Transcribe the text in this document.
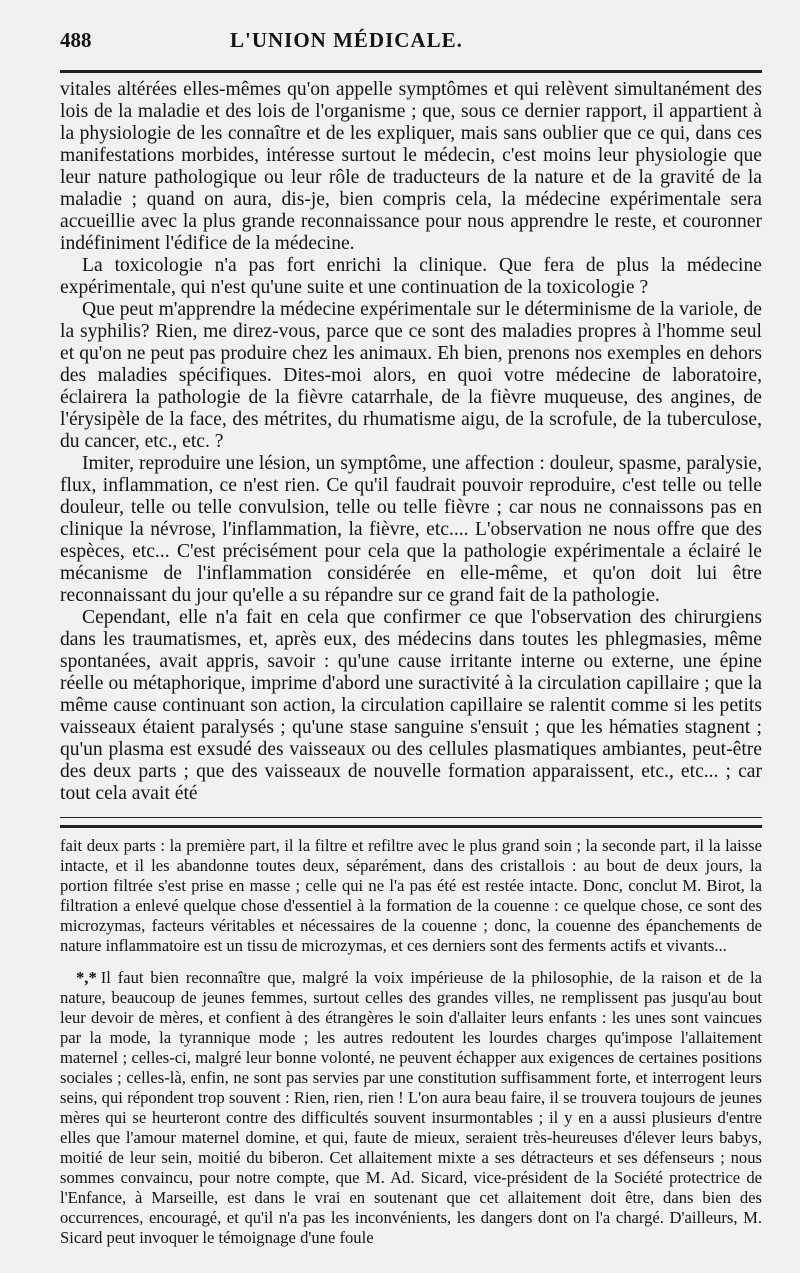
488	L'UNION MÉDICALE.

vitales altérées elles-mêmes qu'on appelle symptômes et qui relèvent simultanément des lois de la maladie et des lois de l'organisme ; que, sous ce dernier rapport, il appartient à la physiologie de les connaître et de les expliquer, mais sans oublier que ce qui, dans ces manifestations morbides, intéresse surtout le médecin, c'est moins leur physiologie que leur nature pathologique ou leur rôle de traducteurs de la nature et de la gravité de la maladie ; quand on aura, dis-je, bien compris cela, la médecine expérimentale sera accueillie avec la plus grande reconnaissance pour nous apprendre le reste, et couronner indéfiniment l'édifice de la médecine.

La toxicologie n'a pas fort enrichi la clinique. Que fera de plus la médecine expérimentale, qui n'est qu'une suite et une continuation de la toxicologie ?

Que peut m'apprendre la médecine expérimentale sur le déterminisme de la variole, de la syphilis? Rien, me direz-vous, parce que ce sont des maladies propres à l'homme seul et qu'on ne peut pas produire chez les animaux. Eh bien, prenons nos exemples en dehors des maladies spécifiques. Dites-moi alors, en quoi votre médecine de laboratoire, éclairera la pathologie de la fièvre catarrhale, de la fièvre muqueuse, des angines, de l'érysipèle de la face, des métrites, du rhumatisme aigu, de la scrofule, de la tuberculose, du cancer, etc., etc. ?

Imiter, reproduire une lésion, un symptôme, une affection : douleur, spasme, paralysie, flux, inflammation, ce n'est rien. Ce qu'il faudrait pouvoir reproduire, c'est telle ou telle douleur, telle ou telle convulsion, telle ou telle fièvre ; car nous ne connaissons pas en clinique la névrose, l'inflammation, la fièvre, etc.... L'observation ne nous offre que des espèces, etc... C'est précisément pour cela que la pathologie expérimentale a éclairé le mécanisme de l'inflammation considérée en elle-même, et qu'on doit lui être reconnaissant du jour qu'elle a su répandre sur ce grand fait de la pathologie.

Cependant, elle n'a fait en cela que confirmer ce que l'observation des chirurgiens dans les traumatismes, et, après eux, des médecins dans toutes les phlegmasies, même spontanées, avait appris, savoir : qu'une cause irritante interne ou externe, une épine réelle ou métaphorique, imprime d'abord une suractivité à la circulation capillaire ; que la même cause continuant son action, la circulation capillaire se ralentit comme si les petits vaisseaux étaient paralysés ; qu'une stase sanguine s'ensuit ; que les hématies stagnent ; qu'un plasma est exsudé des vaisseaux ou des cellules plasmatiques ambiantes, peut-être des deux parts ; que des vaisseaux de nouvelle formation apparaissent, etc., etc... ; car tout cela avait été

fait deux parts : la première part, il la filtre et refiltre avec le plus grand soin ; la seconde part, il la laisse intacte, et il les abandonne toutes deux, séparément, dans des cristallois : au bout de deux jours, la portion filtrée s'est prise en masse ; celle qui ne l'a pas été est restée intacte. Donc, conclut M. Birot, la filtration a enlevé quelque chose d'essentiel à la formation de la couenne : ce quelque chose, ce sont des microzymas, facteurs véritables et nécessaires de la couenne ; donc, la couenne des épanchements de nature inflammatoire est un tissu de microzymas, et ces derniers sont des ferments actifs et vivants...

*,* Il faut bien reconnaître que, malgré la voix impérieuse de la philosophie, de la raison et de la nature, beaucoup de jeunes femmes, surtout celles des grandes villes, ne remplissent pas jusqu'au bout leur devoir de mères, et confient à des étrangères le soin d'allaiter leurs enfants : les unes sont vaincues par la mode, la tyrannique mode ; les autres redoutent les lourdes charges qu'impose l'allaitement maternel ; celles-ci, malgré leur bonne volonté, ne peuvent échapper aux exigences de certaines positions sociales ; celles-là, enfin, ne sont pas servies par une constitution suffisamment forte, et interrogent leurs seins, qui répondent trop souvent : Rien, rien, rien ! L'on aura beau faire, il se trouvera toujours de jeunes mères qui se heurteront contre des difficultés souvent insurmontables ; il y en a aussi plusieurs d'entre elles que l'amour maternel domine, et qui, faute de mieux, seraient très-heureuses d'élever leurs babys, moitié de leur sein, moitié du biberon. Cet allaitement mixte a ses détracteurs et ses défenseurs ; nous sommes convaincu, pour notre compte, que M. Ad. Sicard, vice-président de la Société protectrice de l'Enfance, à Marseille, est dans le vrai en soutenant que cet allaitement doit être, dans bien des occurrences, encouragé, et qu'il n'a pas les inconvénients, les dangers dont on l'a chargé. D'ailleurs, M. Sicard peut invoquer le témoignage d'une foule
